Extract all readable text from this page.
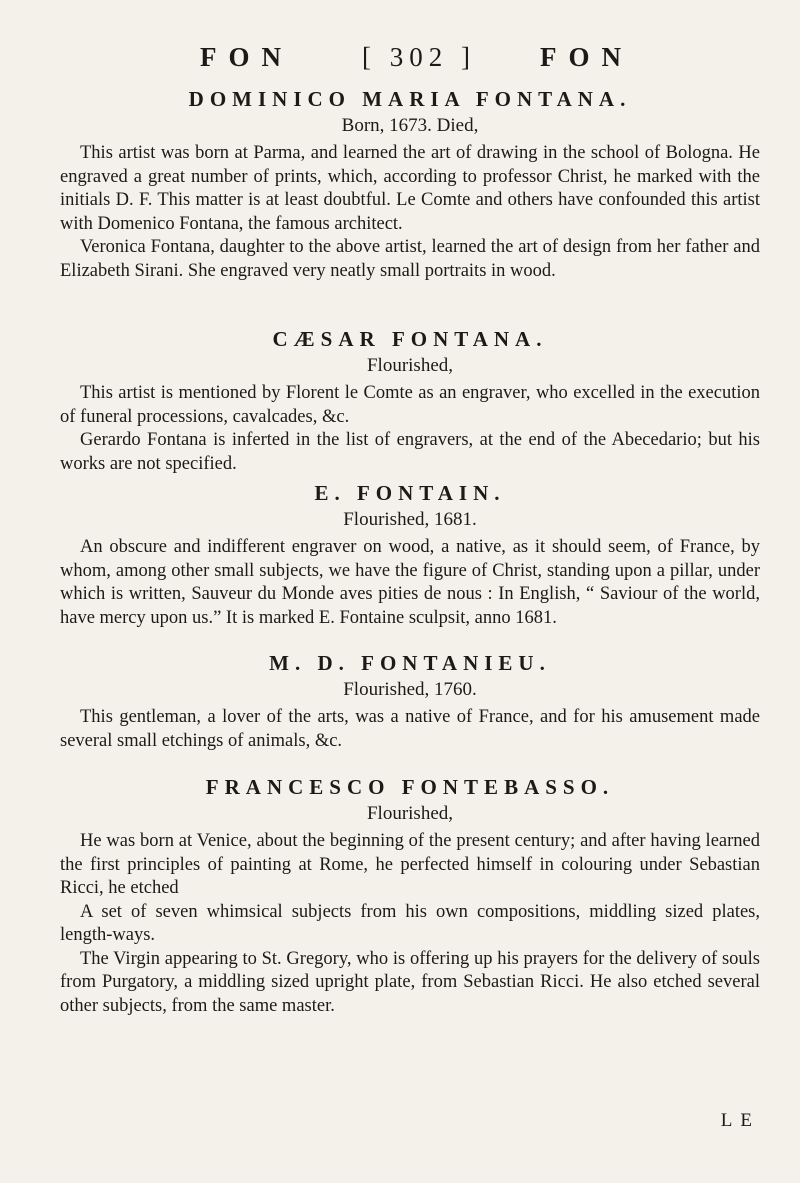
FON	[ 302 ] FON
DOMINICO MARIA FONTANA.
Born, 1673. Died,

This artist was born at Parma, and learned the art of drawing in the school of Bologna. He engraved a great number of prints, which, according to professor Christ, he marked with the initials D. F. This matter is at least doubtful. Le Comte and others have confounded this artist with Domenico Fontana, the famous architect.

Veronica Fontana, daughter to the above artist, learned the art of design from her father and Elizabeth Sirani. She engraved very neatly small portraits in wood.

CÆSAR FONTANA.
Flourished,

This artist is mentioned by Florent le Comte as an engraver, who excelled in the execution of funeral processions, cavalcades, &c.

Gerardo Fontana is inferted in the list of engravers, at the end of the Abecedario; but his works are not specified.

E. FONTAIN.
Flourished, 1681.

An obscure and indifferent engraver on wood, a native, as it should seem, of France, by whom, among other small subjects, we have the figure of Christ, standing upon a pillar, under which is written, Sauveur du Monde aves pities de nous : In English, “ Saviour of the world, have mercy upon us.” It is marked E. Fontaine sculpsit, anno 1681.

M. D. FONTANIEU.
Flourished, 1760.

This gentleman, a lover of the arts, was a native of France, and for his amusement made several small etchings of animals, &c.

FRANCESCO FONTEBASSO.
Flourished,

He was born at Venice, about the beginning of the present century; and after having learned the first principles of painting at Rome, he perfected himself in colouring under Sebastian Ricci, he etched

A set of seven whimsical subjects from his own compositions, middling sized plates, length-ways.

The Virgin appearing to St. Gregory, who is offering up his prayers for the delivery of souls from Purgatory, a middling sized upright plate, from Sebastian Ricci. He also etched several other subjects, from the same master.

LE
